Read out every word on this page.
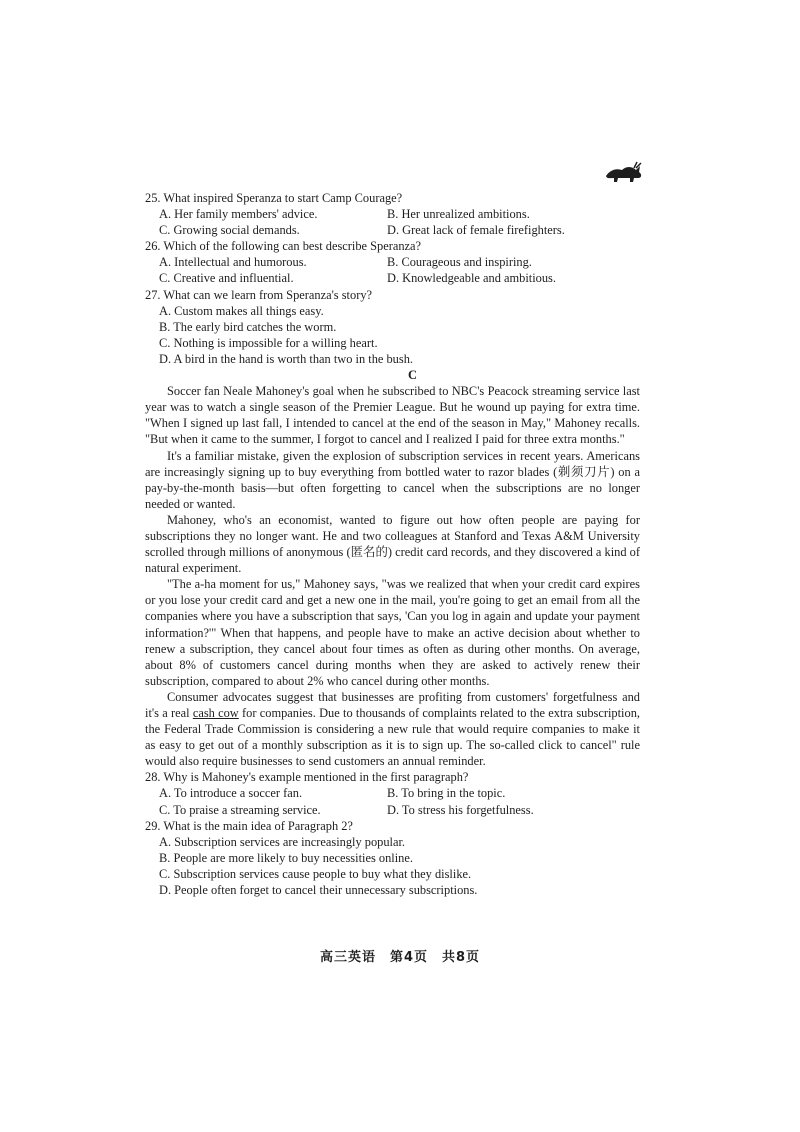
25. What inspired Speranza to start Camp Courage?

A. Her family members' advice.	B. Her unrealized ambitions.
C. Growing social demands.	D. Great lack of female firefighters.

26. Which of the following can best describe Speranza?

A. Intellectual and humorous.	B. Courageous and inspiring.
C. Creative and influential.	D. Knowledgeable and ambitious.

27. What can we learn from Speranza's story?

A. Custom makes all things easy.
B. The early bird catches the worm.
C. Nothing is impossible for a willing heart.
D. A bird in the hand is worth than two in the bush.

C

Soccer fan Neale Mahoney's goal when he subscribed to NBC's Peacock streaming service last year was to watch a single season of the Premier League. But he wound up paying for extra time. "When I signed up last fall, I intended to cancel at the end of the season in May," Mahoney recalls. "But when it came to the summer, I forgot to cancel and I realized I paid for three extra months."

It's a familiar mistake, given the explosion of subscription services in recent years. Americans are increasingly signing up to buy everything from bottled water to razor blades (剃须刀片) on a pay-by-the-month basis—but often forgetting to cancel when the subscriptions are no longer needed or wanted.

Mahoney, who's an economist, wanted to figure out how often people are paying for subscriptions they no longer want. He and two colleagues at Stanford and Texas A&M University scrolled through millions of anonymous (匿名的) credit card records, and they discovered a kind of natural experiment.

"The a-ha moment for us," Mahoney says, "was we realized that when your credit card expires or you lose your credit card and get a new one in the mail, you're going to get an email from all the companies where you have a subscription that says, 'Can you log in again and update your payment information?'" When that happens, and people have to make an active decision about whether to renew a subscription, they cancel about four times as often as during other months. On average, about 8% of customers cancel during months when they are asked to actively renew their subscription, compared to about 2% who cancel during other months.

Consumer advocates suggest that businesses are profiting from customers' forgetfulness and it's a real cash cow for companies. Due to thousands of complaints related to the extra subscription, the Federal Trade Commission is considering a new rule that would require companies to make it as easy to get out of a monthly subscription as it is to sign up. The so-called click to cancel" rule would also require businesses to send customers an annual reminder.

28. Why is Mahoney's example mentioned in the first paragraph?

A. To introduce a soccer fan.	B. To bring in the topic.
C. To praise a streaming service.	D. To stress his forgetfulness.

29. What is the main idea of Paragraph 2?

A. Subscription services are increasingly popular.
B. People are more likely to buy necessities online.
C. Subscription services cause people to buy what they dislike.
D. People often forget to cancel their unnecessary subscriptions.
高三英语　第4页　共8页
